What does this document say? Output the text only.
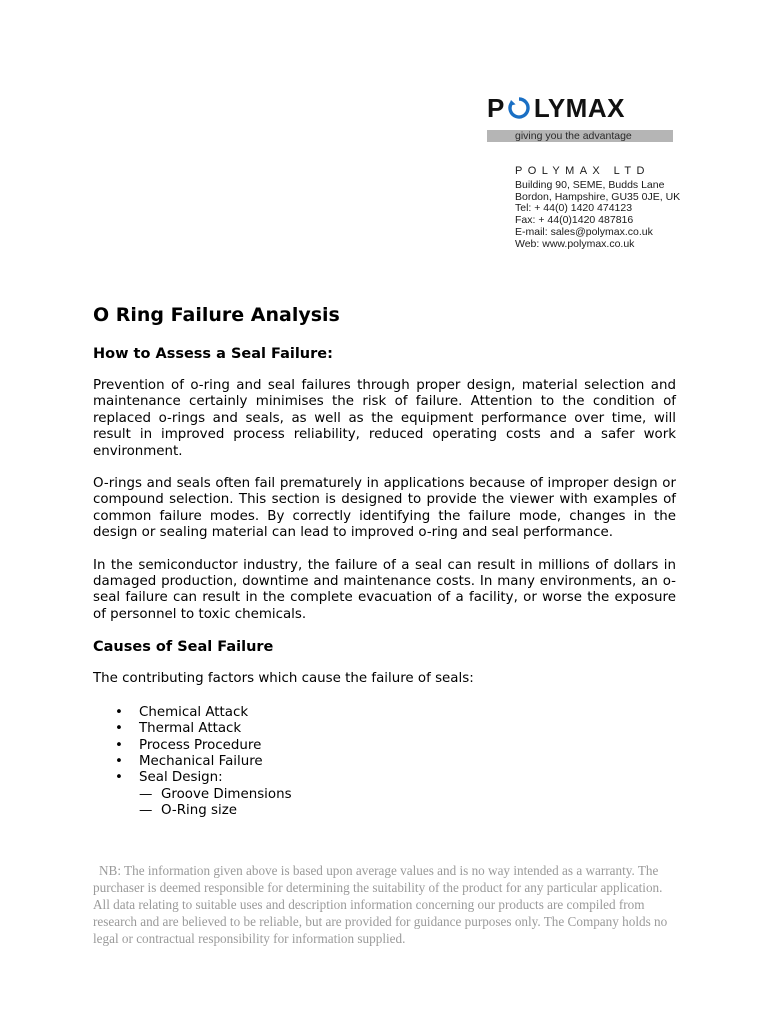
P LYMAX
giving you the advantage
POLYMAX LTD
Building 90, SEME, Budds Lane
Bordon, Hampshire, GU35 0JE, UK
Tel: + 44(0) 1420 474123
Fax: + 44(0)1420 487816
E-mail: sales@polymax.co.uk
Web: www.polymax.co.uk
O Ring Failure Analysis
How to Assess a Seal Failure:

Prevention of o-ring and seal failures through proper design, material selection and maintenance certainly minimises the risk of failure. Attention to the condition of replaced o-rings and seals, as well as the equipment performance over time, will result in improved process reliability, reduced operating costs and a safer work environment.

O-rings and seals often fail prematurely in applications because of improper design or compound selection. This section is designed to provide the viewer with examples of common failure modes. By correctly identifying the failure mode, changes in the design or sealing material can lead to improved o-ring and seal performance.

In the semiconductor industry, the failure of a seal can result in millions of dollars in damaged production, downtime and maintenance costs. In many environments, an o-seal failure can result in the complete evacuation of a facility, or worse the exposure of personnel to toxic chemicals.

Causes of Seal Failure
The contributing factors which cause the failure of seals:
• Chemical Attack
• Thermal Attack
• Process Procedure
• Mechanical Failure
• Seal Design:
— Groove Dimensions
— O-Ring size
NB: The information given above is based upon average values and is no way intended as a warranty. The purchaser is deemed responsible for determining the suitability of the product for any particular application. All data relating to suitable uses and description information concerning our products are compiled from research and are believed to be reliable, but are provided for guidance purposes only. The Company holds no legal or contractual responsibility for information supplied.
